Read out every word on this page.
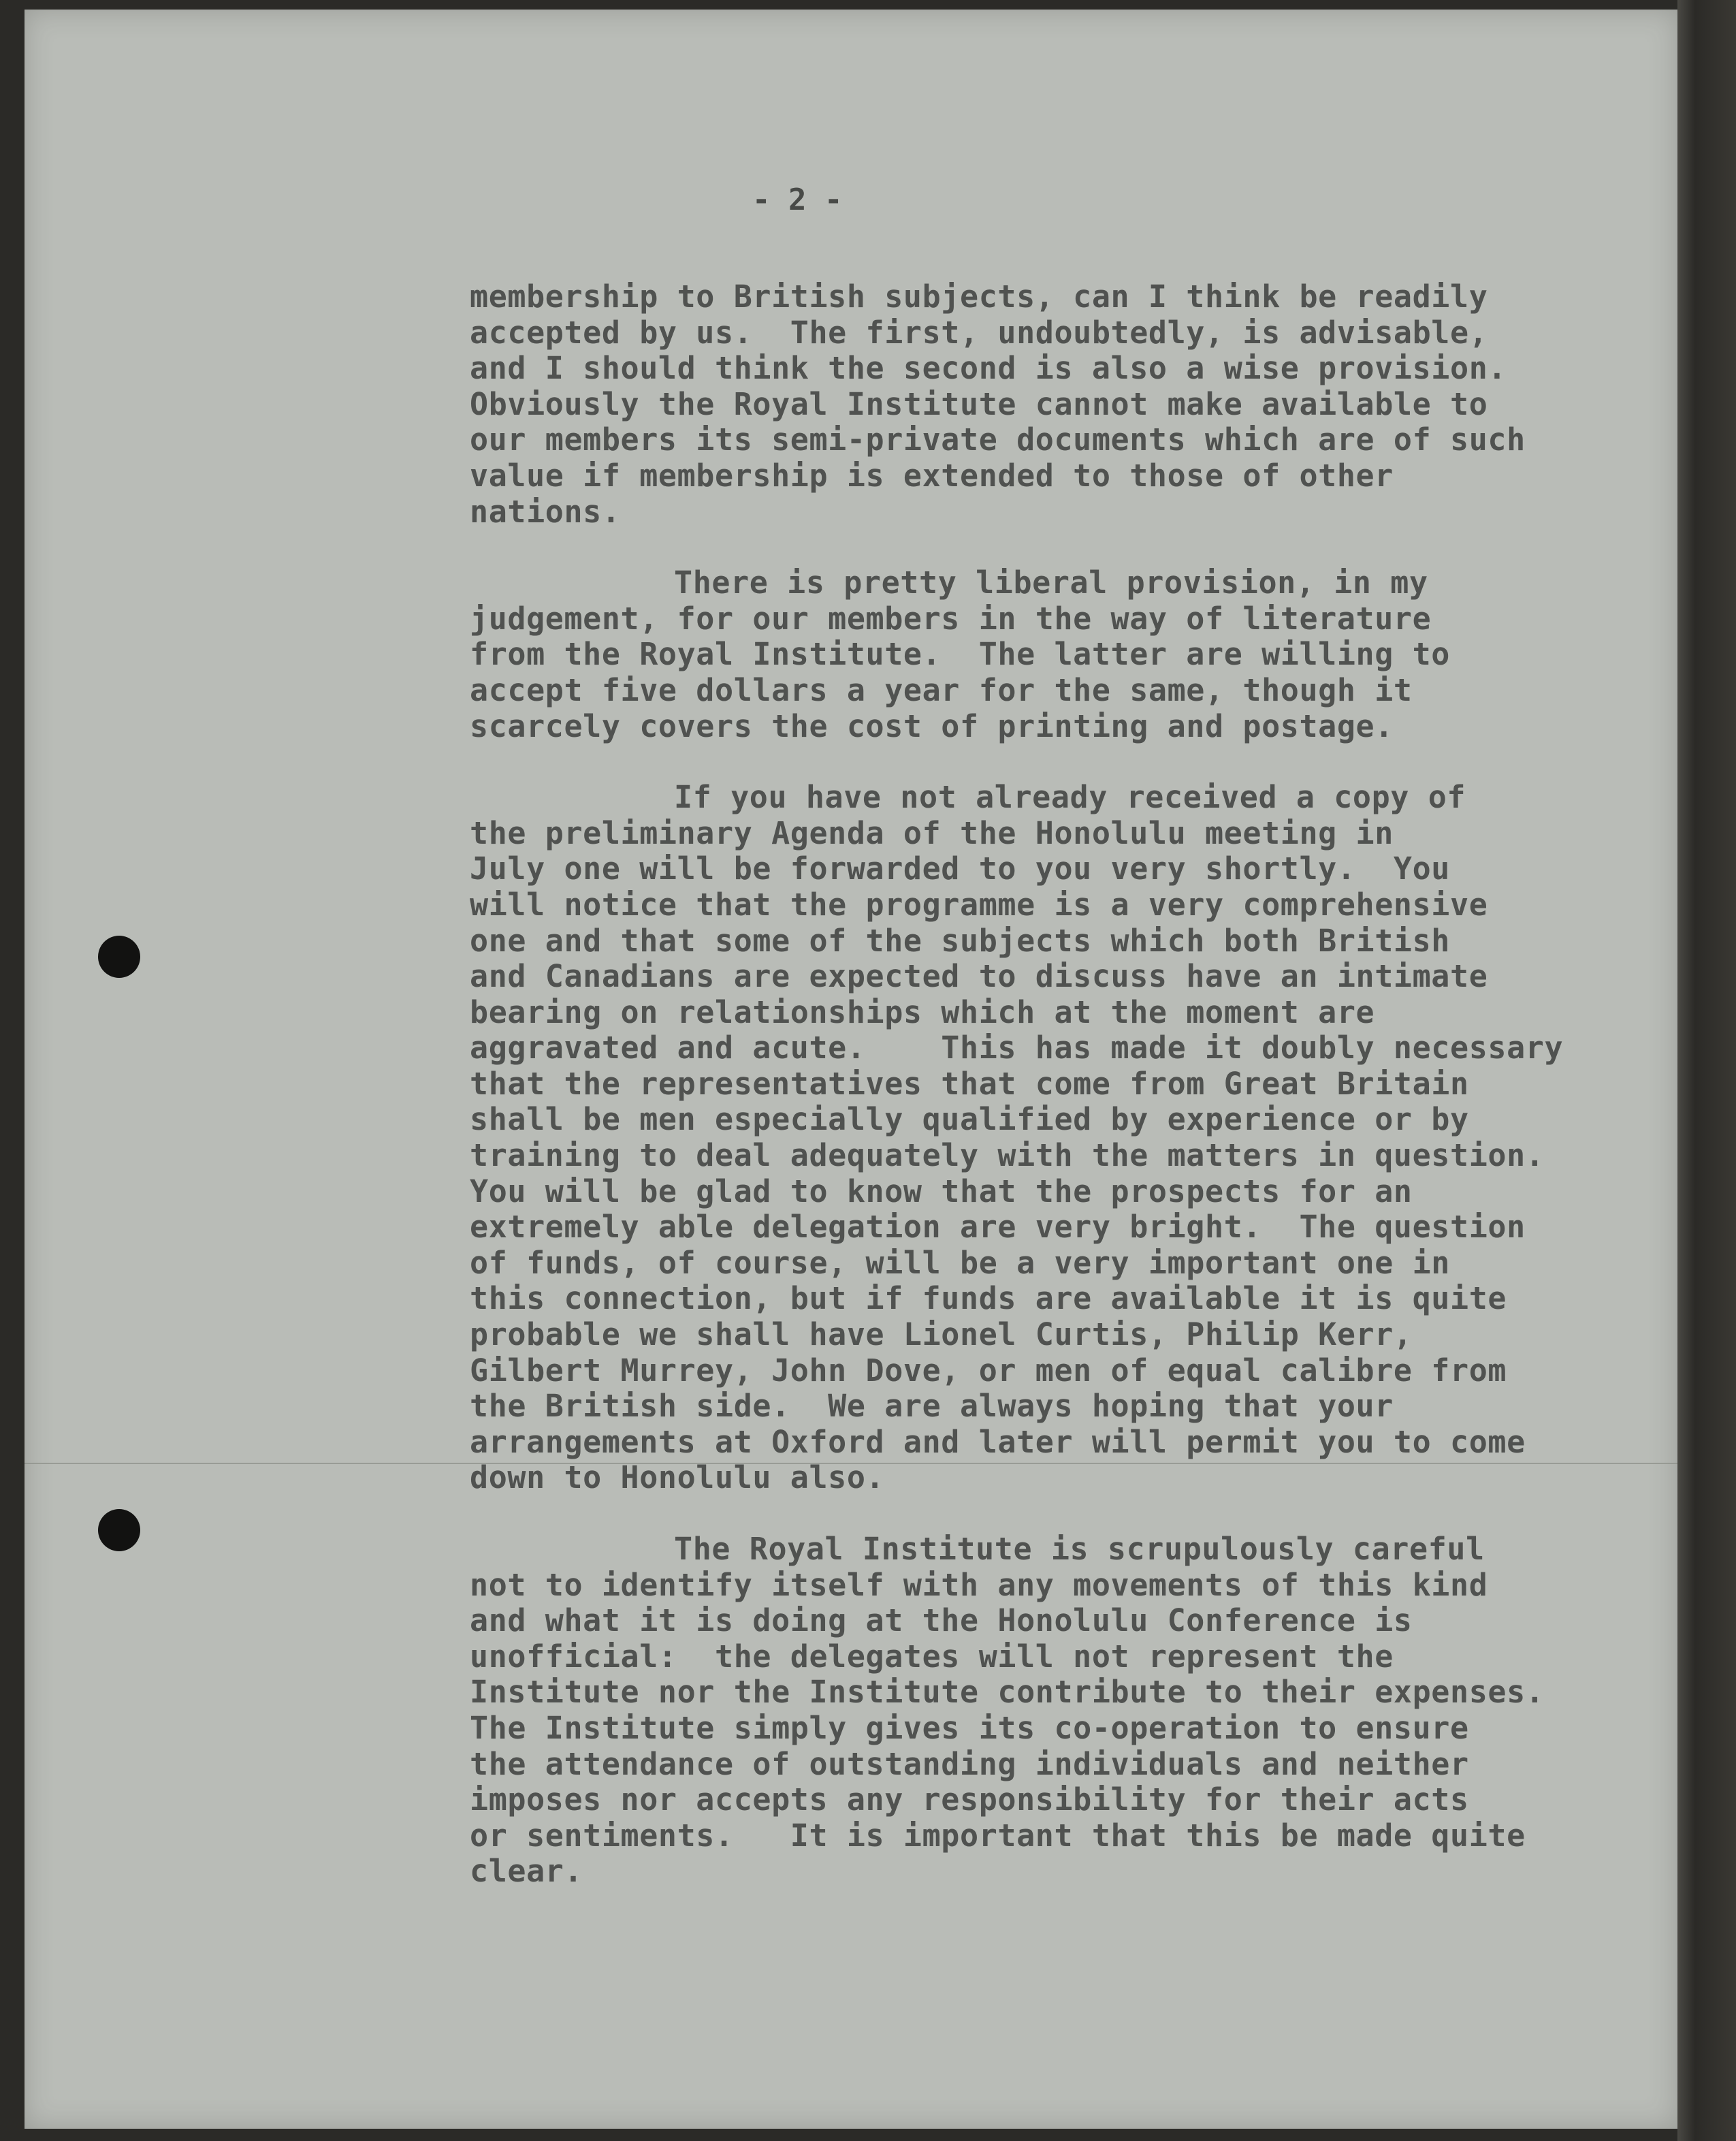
- 2 -
membership to British subjects, can I think be readily
accepted by us.  The first, undoubtedly, is advisable,
and I should think the second is also a wise provision.
Obviously the Royal Institute cannot make available to
our members its semi-private documents which are of such
value if membership is extended to those of other
nations.
There is pretty liberal provision, in my
judgement, for our members in the way of literature
from the Royal Institute.  The latter are willing to
accept five dollars a year for the same, though it
scarcely covers the cost of printing and postage.
If you have not already received a copy of
the preliminary Agenda of the Honolulu meeting in
July one will be forwarded to you very shortly.  You
will notice that the programme is a very comprehensive
one and that some of the subjects which both British
and Canadians are expected to discuss have an intimate
bearing on relationships which at the moment are
aggravated and acute.    This has made it doubly necessary
that the representatives that come from Great Britain
shall be men especially qualified by experience or by
training to deal adequately with the matters in question.
You will be glad to know that the prospects for an
extremely able delegation are very bright.  The question
of funds, of course, will be a very important one in
this connection, but if funds are available it is quite
probable we shall have Lionel Curtis, Philip Kerr,
Gilbert Murrey, John Dove, or men of equal calibre from
the British side.  We are always hoping that your
arrangements at Oxford and later will permit you to come
down to Honolulu also.
The Royal Institute is scrupulously careful
not to identify itself with any movements of this kind
and what it is doing at the Honolulu Conference is
unofficial:  the delegates will not represent the
Institute nor the Institute contribute to their expenses.
The Institute simply gives its co-operation to ensure
the attendance of outstanding individuals and neither
imposes nor accepts any responsibility for their acts
or sentiments.   It is important that this be made quite
clear.
